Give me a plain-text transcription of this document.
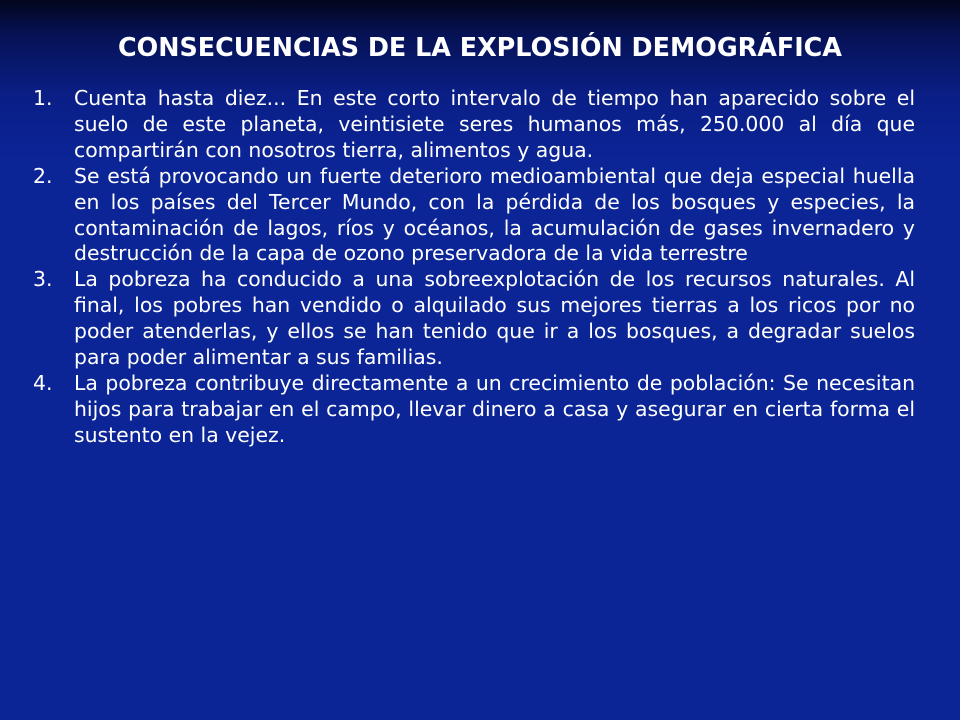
CONSECUENCIAS DE LA EXPLOSIÓN DEMOGRÁFICA
1.	Cuenta hasta diez... En este corto intervalo de tiempo han aparecido sobre el suelo de este planeta, veintisiete seres humanos más, 250.000 al día que compartirán con nosotros tierra, alimentos y agua.
2.	Se está provocando un fuerte deterioro medioambiental que deja especial huella en los países del Tercer Mundo, con la pérdida de los bosques y especies, la contaminación de lagos, ríos y océanos, la acumulación de gases invernadero y destrucción de la capa de ozono preservadora de la vida terrestre
3.	La pobreza ha conducido a una sobreexplotación de los recursos naturales. Al final, los pobres han vendido o alquilado sus mejores tierras a los ricos por no poder atenderlas, y ellos se han tenido que ir a los bosques, a degradar suelos para poder alimentar a sus familias.
4.	La pobreza contribuye directamente a un crecimiento de población: Se necesitan hijos para trabajar en el campo, llevar dinero a casa y asegurar en cierta forma el sustento en la vejez.
